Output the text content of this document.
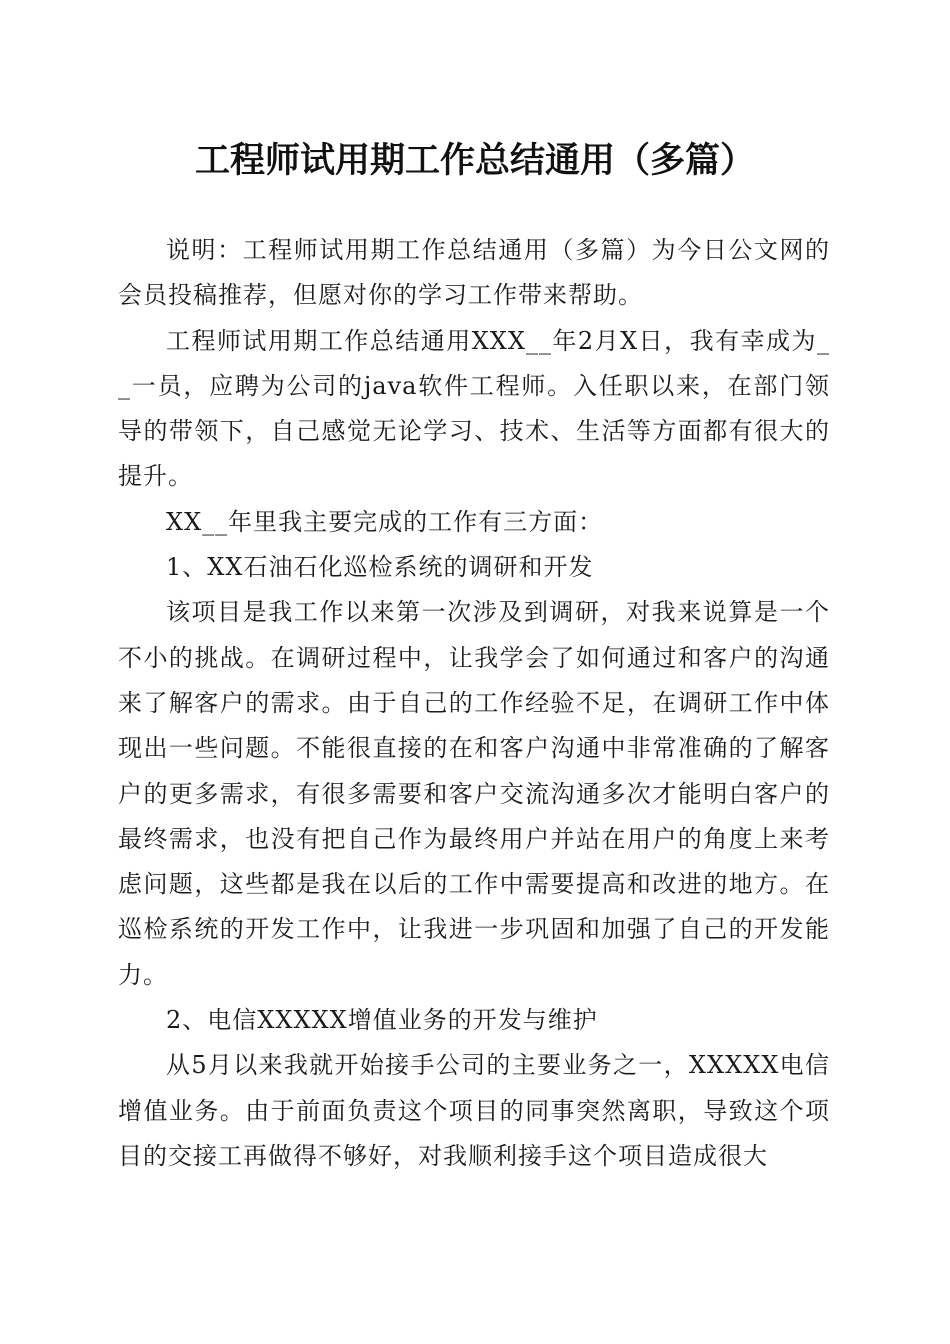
工程师试用期工作总结通用（多篇）

说明：工程师试用期工作总结通用（多篇）为今日公文网的会员投稿推荐，但愿对你的学习工作带来帮助。

工程师试用期工作总结通用XXX__年2月X日，我有幸成为__一员，应聘为公司的java软件工程师。入任职以来，在部门领导的带领下，自己感觉无论学习、技术、生活等方面都有很大的提升。

XX__年里我主要完成的工作有三方面：

1、XX石油石化巡检系统的调研和开发

该项目是我工作以来第一次涉及到调研，对我来说算是一个不小的挑战。在调研过程中，让我学会了如何通过和客户的沟通来了解客户的需求。由于自己的工作经验不足，在调研工作中体现出一些问题。不能很直接的在和客户沟通中非常准确的了解客户的更多需求，有很多需要和客户交流沟通多次才能明白客户的最终需求，也没有把自己作为最终用户并站在用户的角度上来考虑问题，这些都是我在以后的工作中需要提高和改进的地方。在巡检系统的开发工作中，让我进一步巩固和加强了自己的开发能力。

2、电信XXXXX增值业务的开发与维护

从5月以来我就开始接手公司的主要业务之一，XXXXX电信增值业务。由于前面负责这个项目的同事突然离职，导致这个项目的交接工再做得不够好，对我顺利接手这个项目造成很大
